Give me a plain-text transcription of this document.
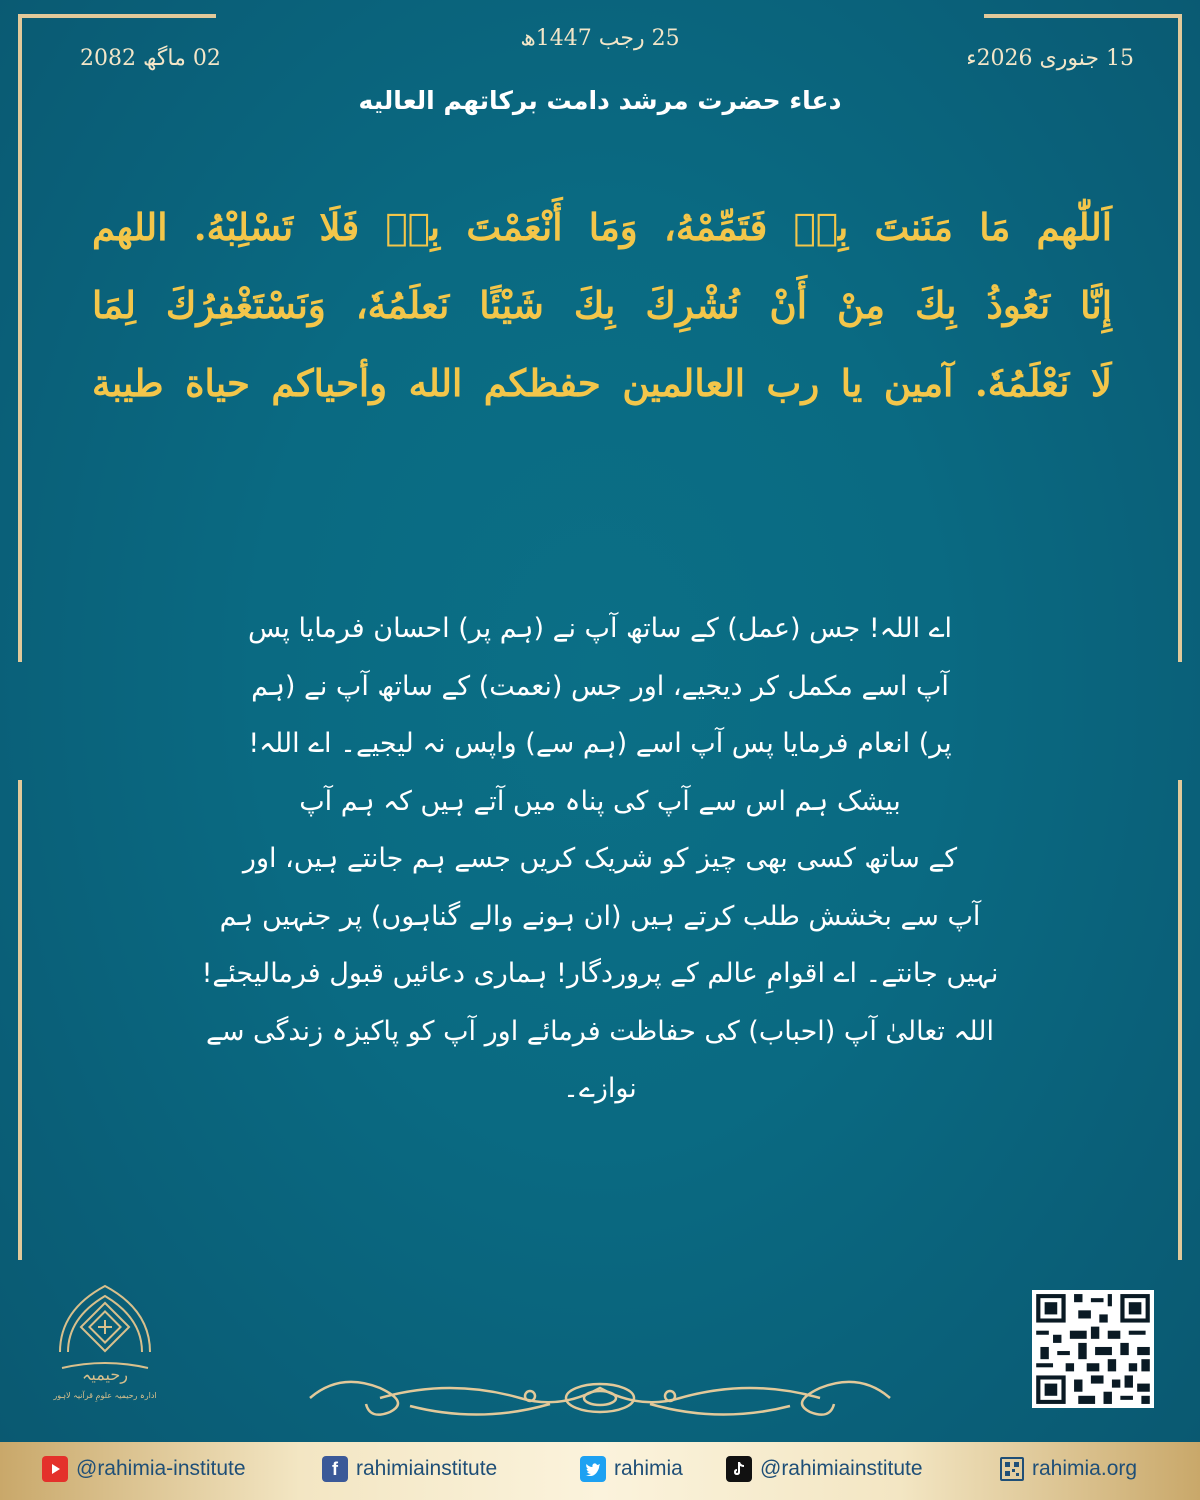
25 رجب 1447ھ
15 جنوری 2026ء
02 ماگھ 2082
دعاء حضرت مرشد دامت برکاتهم العالیه
اَللّٰهم مَا مَنَنتَ بِهٖ فَتَمِّمْهُ، وَمَا أَنْعَمْتَ بِهٖ فَلَا تَسْلِبْهُ. اللهم
إِنَّا نَعُوذُ بِكَ مِنْ أَنْ نُشْرِكَ بِكَ شَيْئًا نَعلَمُهٗ، وَنَسْتَغْفِرُكَ لِمَا
لَا نَعْلَمُهٗ. آمین یا رب العالمین حفظکم الله وأحیاکم حیاة طیبة
اے اللہ! جس (عمل) کے ساتھ آپ نے (ہم پر) احسان فرمایا پس
آپ اسے مکمل کر دیجیے، اور جس (نعمت) کے ساتھ آپ نے (ہم
پر) انعام فرمایا پس آپ اسے (ہم سے) واپس نہ لیجیے۔ اے اللہ!
بیشک ہم اس سے آپ کی پناہ میں آتے ہیں کہ ہم آپ
کے ساتھ کسی بھی چیز کو شریک کریں جسے ہم جانتے ہیں، اور
آپ سے بخشش طلب کرتے ہیں (ان ہونے والے گناہوں) پر جنہیں ہم
نہیں جانتے۔ اے اقوامِ عالم کے پروردگار! ہماری دعائیں قبول فرمالیجئے!
اللہ تعالیٰ آپ (احباب) کی حفاظت فرمائے اور آپ کو پاکیزہ زندگی سے
نوازے۔
رحیمیہ
ادارہ رحیمیہ علومِ قرآنیہ لاہور
@rahimia-institute	f rahimiainstitute	rahimia	@rahimiainstitute	rahimia.org
